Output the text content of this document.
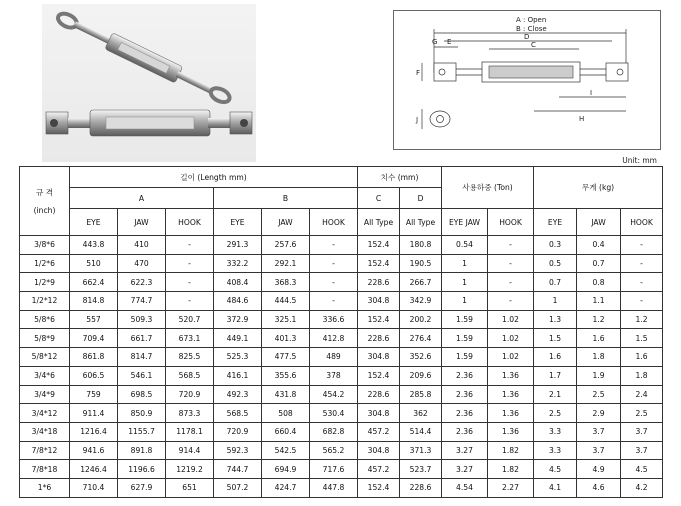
A : Open
B : Close
D
C
G E
F
I
H
J
Unit: mm
규 격

(inch)	길이 (Length mm)						치수 (mm)		사용하중 (Ton)		무게 (kg)		
	A			B			C	D					
	EYE	JAW	HOOK	EYE	JAW	HOOK	All Type	All Type	EYE JAW	HOOK	EYE	JAW	HOOK
3/8*6	443.8	410	-	291.3	257.6	-	152.4	180.8	0.54	-	0.3	0.4	-
1/2*6	510	470	-	332.2	292.1	-	152.4	190.5	1	-	0.5	0.7	-
1/2*9	662.4	622.3	-	408.4	368.3	-	228.6	266.7	1	-	0.7	0.8	-
1/2*12	814.8	774.7	-	484.6	444.5	-	304.8	342.9	1	-	1	1.1	-
5/8*6	557	509.3	520.7	372.9	325.1	336.6	152.4	200.2	1.59	1.02	1.3	1.2	1.2
5/8*9	709.4	661.7	673.1	449.1	401.3	412.8	228.6	276.4	1.59	1.02	1.5	1.6	1.5
5/8*12	861.8	814.7	825.5	525.3	477.5	489	304.8	352.6	1.59	1.02	1.6	1.8	1.6
3/4*6	606.5	546.1	568.5	416.1	355.6	378	152.4	209.6	2.36	1.36	1.7	1.9	1.8
3/4*9	759	698.5	720.9	492.3	431.8	454.2	228.6	285.8	2.36	1.36	2.1	2.5	2.4
3/4*12	911.4	850.9	873.3	568.5	508	530.4	304.8	362	2.36	1.36	2.5	2.9	2.5
3/4*18	1216.4	1155.7	1178.1	720.9	660.4	682.8	457.2	514.4	2.36	1.36	3.3	3.7	3.7
7/8*12	941.6	891.8	914.4	592.3	542.5	565.2	304.8	371.3	3.27	1.82	3.3	3.7	3.7
7/8*18	1246.4	1196.6	1219.2	744.7	694.9	717.6	457.2	523.7	3.27	1.82	4.5	4.9	4.5
1*6	710.4	627.9	651	507.2	424.7	447.8	152.4	228.6	4.54	2.27	4.1	4.6	4.2
